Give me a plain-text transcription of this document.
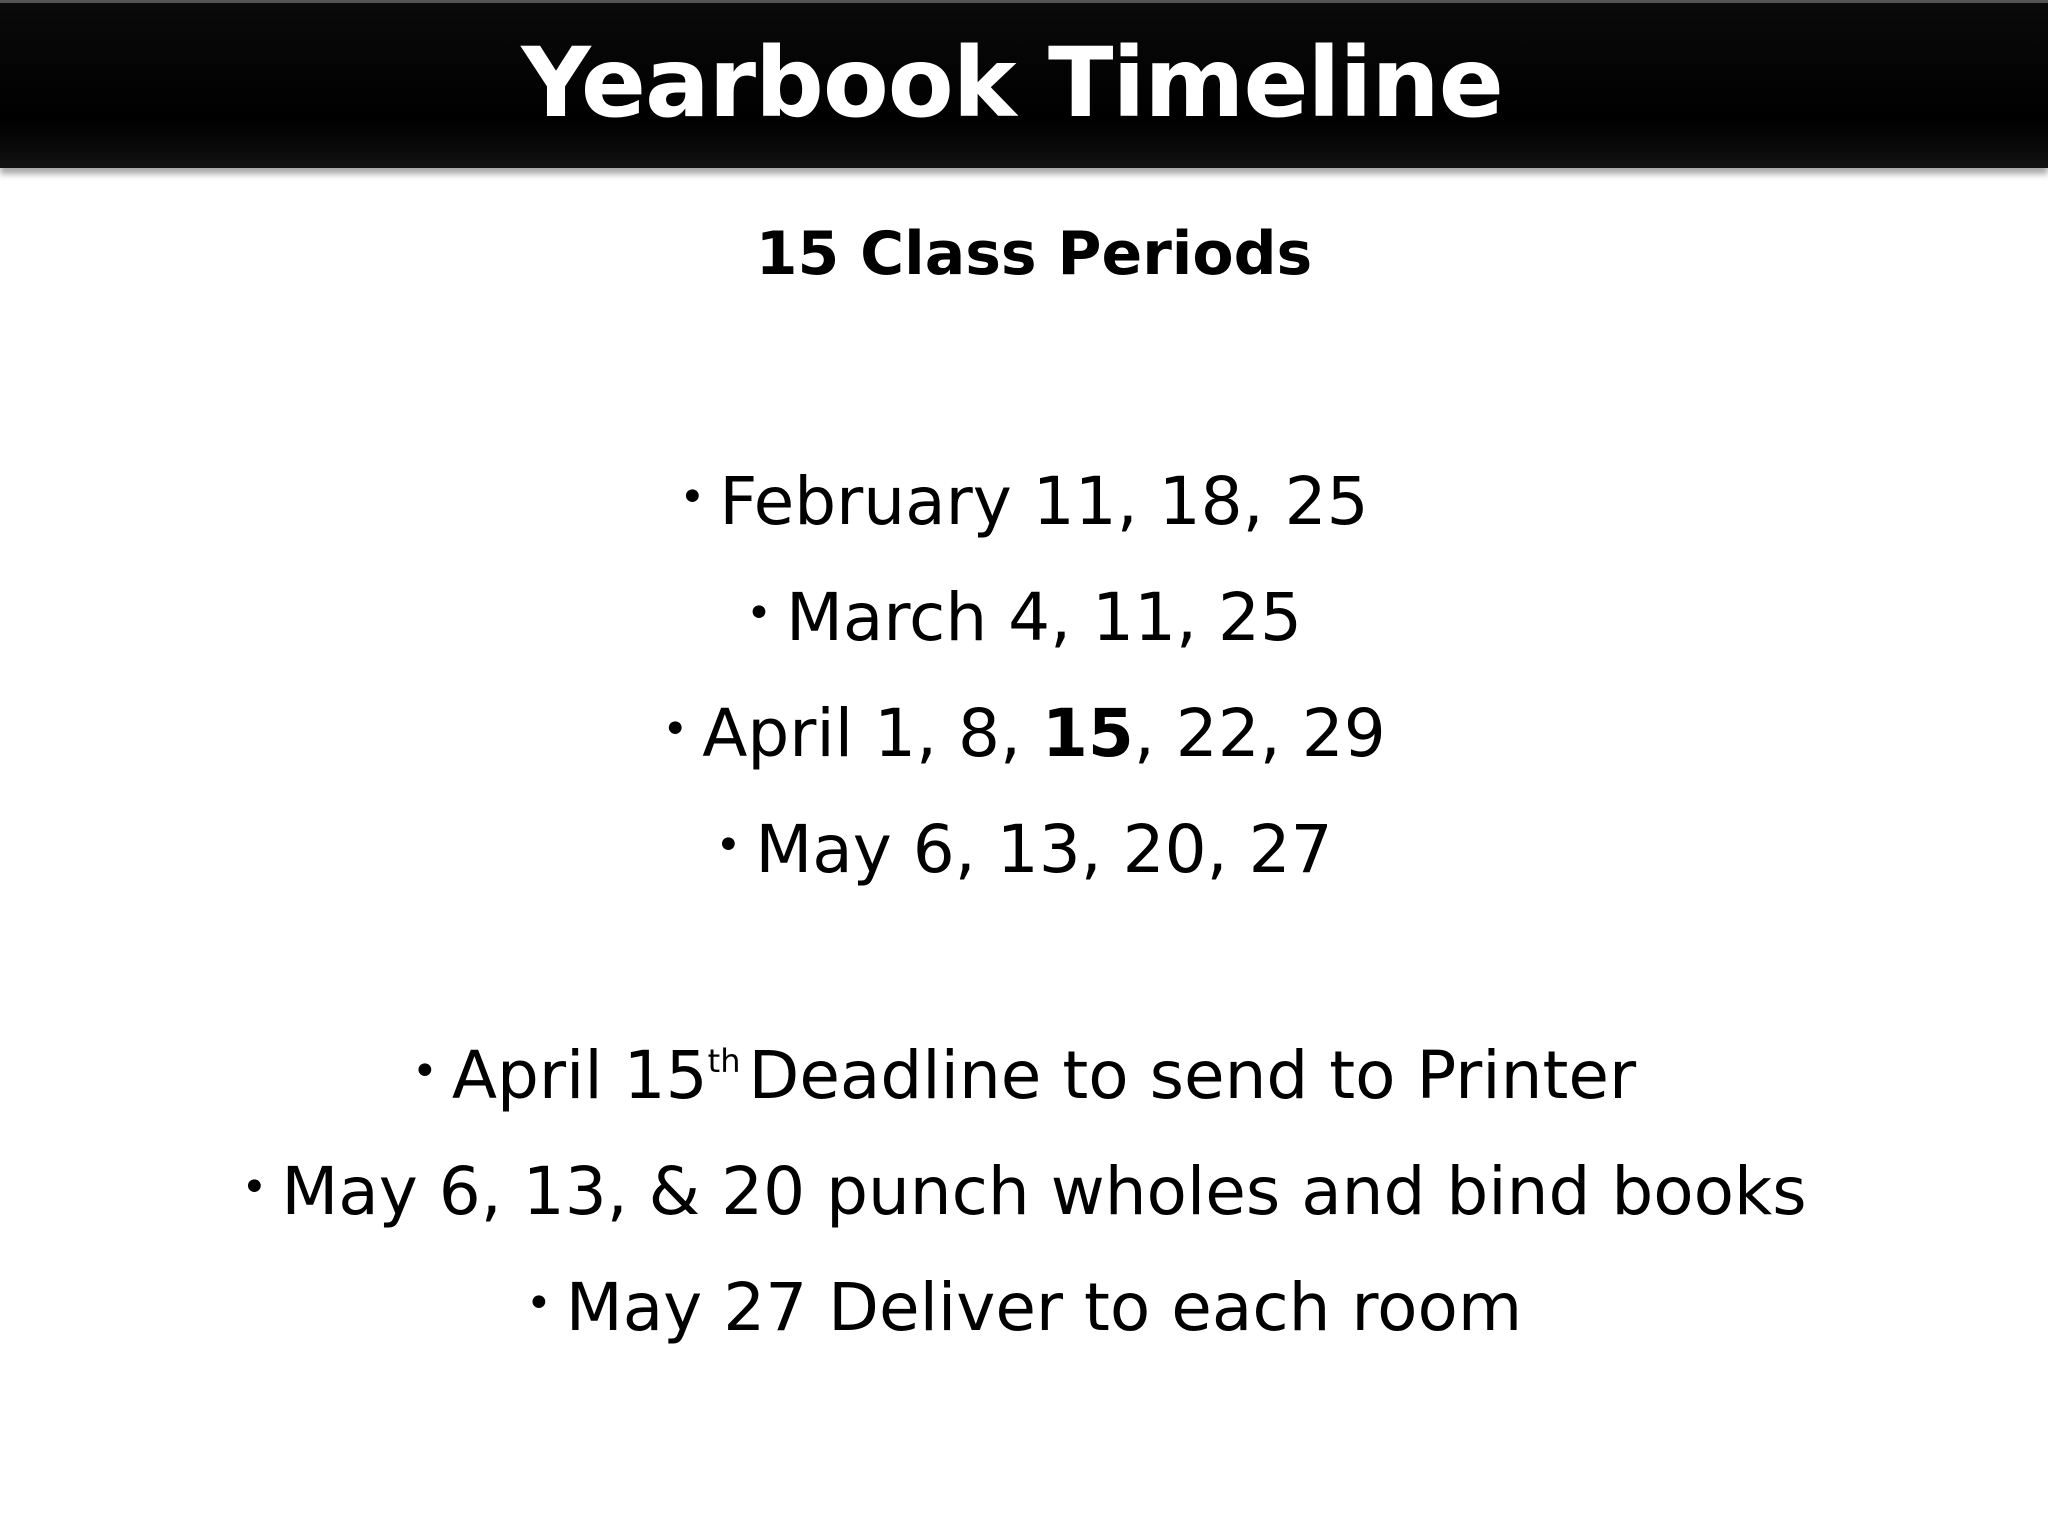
Yearbook Timeline
15 Class Periods
• February 11, 18, 25
• March 4, 11, 25
• April 1, 8, 15, 22, 29
• May 6, 13, 20, 27
• April 15th Deadline to send to Printer
• May 6, 13, & 20 punch wholes and bind books
• May 27 Deliver to each room
